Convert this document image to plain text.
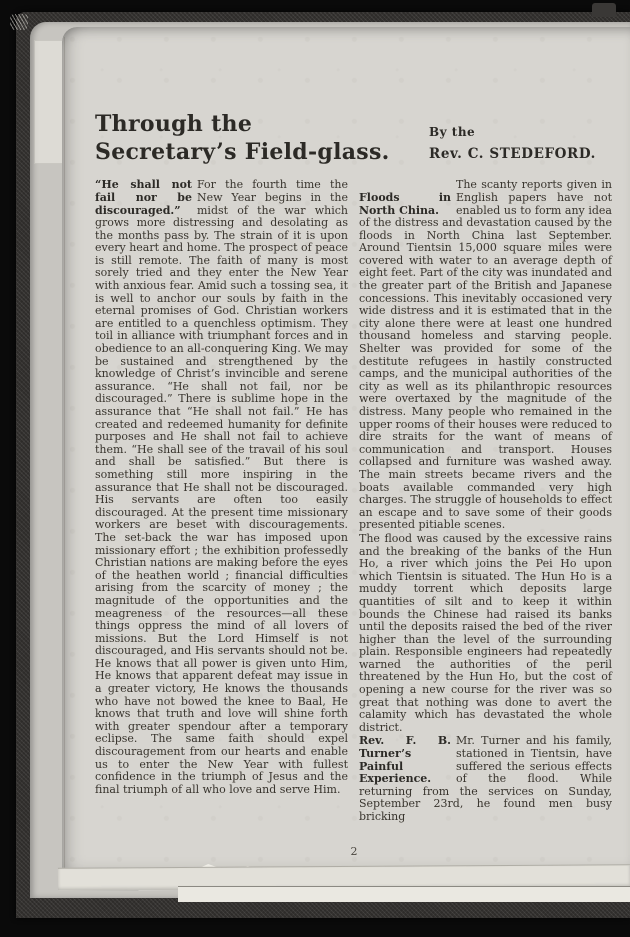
Through the
Secretary’s Field-glass.
By the
Rev. C. STEDEFORD.

“He shall not fail nor be discouraged.”
For the fourth time the New Year begins in the midst of the war which grows more distressing and desolating as the months pass by. The strain of it is upon every heart and home. The prospect of peace is still remote. The faith of many is most sorely tried and they enter the New Year with anxious fear. Amid such a tossing sea, it is well to anchor our souls by faith in the eternal promises of God. Christian workers are entitled to a quenchless optimism. They toil in alliance with triumphant forces and in obedience to an all-conquering King. We may be sustained and strengthened by the knowledge of Christ’s invincible and serene assurance. “He shall not fail, nor be discouraged.” There is sublime hope in the assurance that “He shall not fail.” He has created and redeemed humanity for definite purposes and He shall not fail to achieve them. “He shall see of the travail of his soul and shall be satisfied.” But there is something still more inspiring in the assurance that He shall not be discouraged. His servants are often too easily discouraged. At the present time missionary workers are beset with discouragements. The set-back the war has imposed upon missionary effort ; the exhibition professedly Christian nations are making before the eyes of the heathen world ; financial difficulties arising from the scarcity of money ; the magnitude of the opportunities and the meagreness of the resources—all these things oppress the mind of all lovers of missions. But the Lord Himself is not discouraged, and His servants should not be. He knows that all power is given unto Him, He knows that apparent defeat may issue in a greater victory, He knows the thousands who have not bowed the knee to Baal, He knows that truth and love will shine forth with greater spendour after a temporary eclipse. The same faith should expel discouragement from our hearts and enable us to enter the New Year with fullest confidence in the triumph of Jesus and the final triumph of all who love and serve Him.

Floods in North China.
The scanty reports given in English papers have not enabled us to form any idea of the distress and devastation caused by the floods in North China last September. Around Tientsin 15,000 square miles were covered with water to an average depth of eight feet. Part of the city was inundated and the greater part of the British and Japanese concessions. This inevitably occasioned very wide distress and it is estimated that in the city alone there were at least one hundred thousand homeless and starving people. Shelter was provided for some of the destitute refugees in hastily constructed camps, and the municipal authorities of the city as well as its philanthropic resources were overtaxed by the magnitude of the distress. Many people who remained in the upper rooms of their houses were reduced to dire straits for the want of means of communication and transport. Houses collapsed and furniture was washed away. The main streets became rivers and the boats available commanded very high charges. The struggle of households to effect an escape and to save some of their goods presented pitiable scenes.

The flood was caused by the excessive rains and the breaking of the banks of the Hun Ho, a river which joins the Pei Ho upon which Tientsin is situated. The Hun Ho is a muddy torrent which deposits large quantities of silt and to keep it within bounds the Chinese had raised its banks until the deposits raised the bed of the river higher than the level of the surrounding plain. Responsible engineers had repeatedly warned the authorities of the peril threatened by the Hun Ho, but the cost of opening a new course for the river was so great that nothing was done to avert the calamity which has devastated the whole district.

Rev. F. B. Turner’s Painful Experience.
Mr. Turner and his family, stationed in Tientsin, have suffered the serious effects of the flood. While returning from the services on Sunday, September 23rd, he found men busy bricking

2
